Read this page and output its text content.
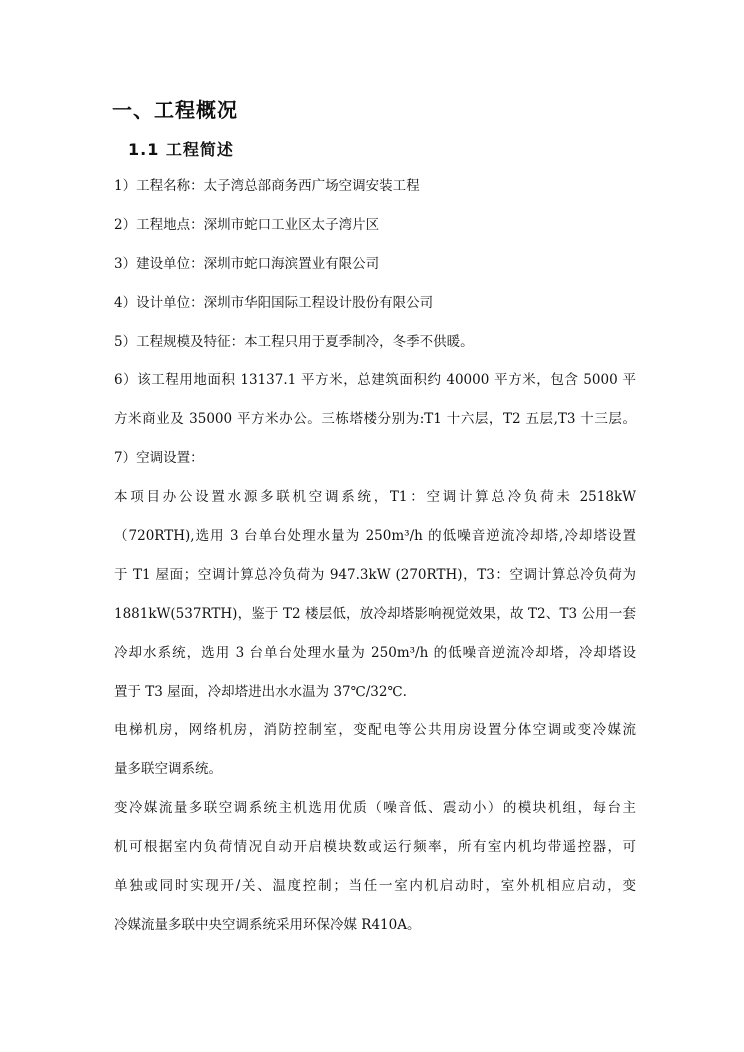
一、工程概况
1.1 工程简述
1）工程名称：太子湾总部商务西广场空调安装工程
2）工程地点：深圳市蛇口工业区太子湾片区
3）建设单位：深圳市蛇口海滨置业有限公司
4）设计单位：深圳市华阳国际工程设计股份有限公司
5）工程规模及特征：本工程只用于夏季制冷，冬季不供暖。
6）该工程用地面积 13137.1 平方米，总建筑面积约 40000 平方米，包含 5000 平
方米商业及 35000 平方米办公。三栋塔楼分别为:T1 十六层，T2 五层,T3 十三层。
7）空调设置：
本项目办公设置水源多联机空调系统，T1：空调计算总冷负荷未 2518kW
（720RTH),选用 3 台单台处理水量为 250m³/h 的低噪音逆流冷却塔,冷却塔设置
于 T1 屋面；空调计算总冷负荷为 947.3kW (270RTH)，T3：空调计算总冷负荷为
1881kW(537RTH)，鉴于 T2 楼层低，放冷却塔影响视觉效果，故 T2、T3 公用一套
冷却水系统，选用 3 台单台处理水量为 250m³/h 的低噪音逆流冷却塔，冷却塔设
置于 T3 屋面，冷却塔进出水水温为 37℃/32℃.
电梯机房，网络机房，消防控制室，变配电等公共用房设置分体空调或变冷媒流
量多联空调系统。
变冷媒流量多联空调系统主机选用优质（噪音低、震动小）的模块机组，每台主
机可根据室内负荷情况自动开启模块数或运行频率，所有室内机均带遥控器，可
单独或同时实现开/关、温度控制；当任一室内机启动时，室外机相应启动，变
冷媒流量多联中央空调系统采用环保冷媒 R410A。
